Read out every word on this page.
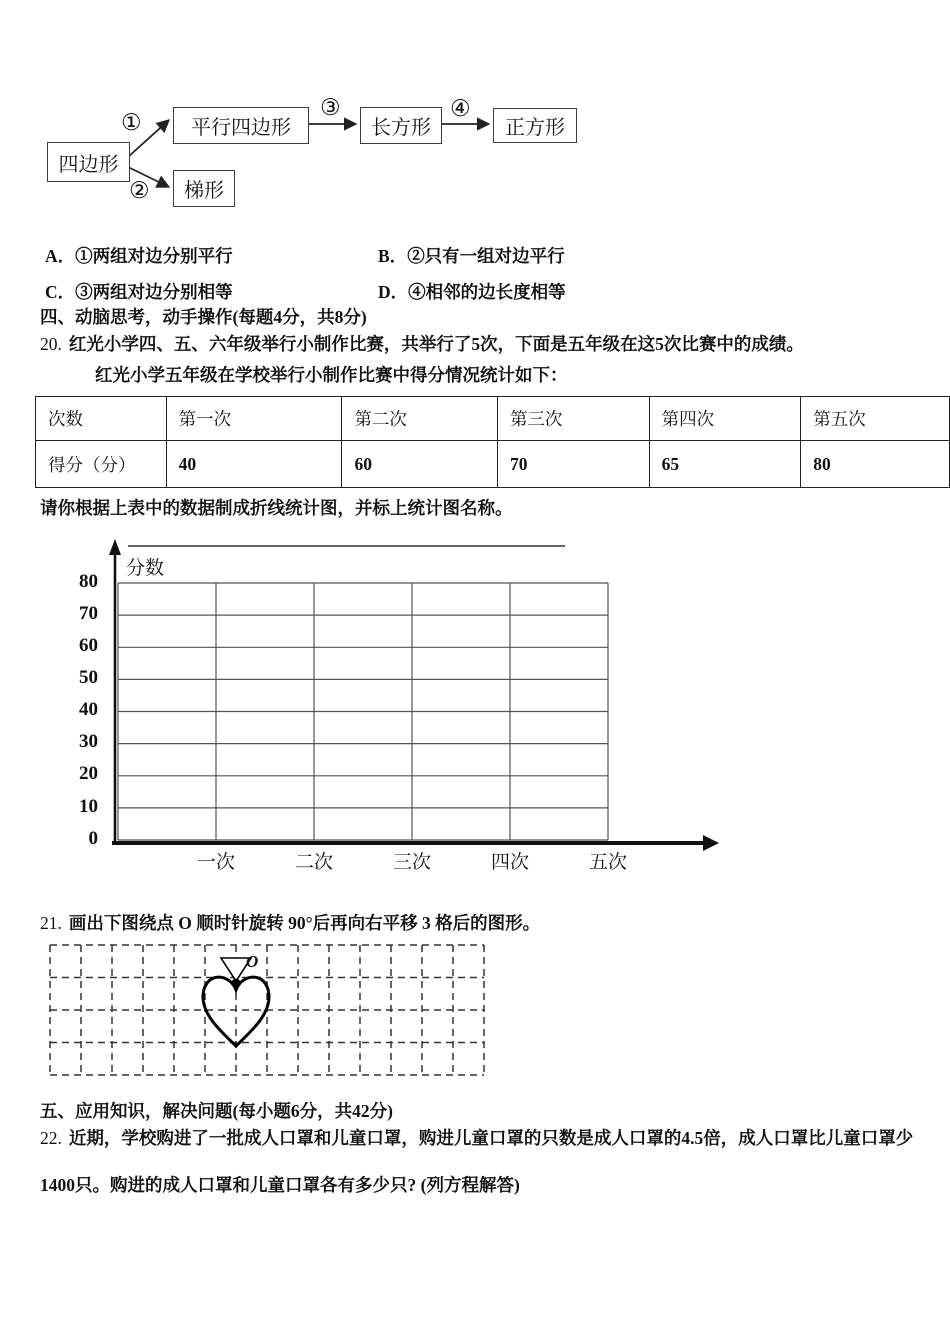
四边形
平行四边形	长方形	正方形
梯形
①
②
③	④
A．①两组对边分别平行	B．②只有一组对边平行
C．③两组对边分别相等	D．④相邻的边长度相等
四、动脑思考，动手操作(每题4分，共8分)
20. 红光小学四、五、六年级举行小制作比赛，共举行了5次，下面是五年级在这5次比赛中的成绩。
红光小学五年级在学校举行小制作比赛中得分情况统计如下：
次数	第一次	第二次	第三次	第四次	第五次
得分（分）	40	60	70	65	80
请你根据上表中的数据制成折线统计图，并标上统计图名称。
分数
80
70
60
50
40
30
20
10
0
一次	二次	三次	四次	五次
21. 画出下图绕点 O 顺时针旋转 90°后再向右平移 3 格后的图形。
O
五、应用知识，解决问题(每小题6分，共42分)
22. 近期，学校购进了一批成人口罩和儿童口罩，购进儿童口罩的只数是成人口罩的4.5倍，成人口罩比儿童口罩少
1400只。购进的成人口罩和儿童口罩各有多少只? (列方程解答)
